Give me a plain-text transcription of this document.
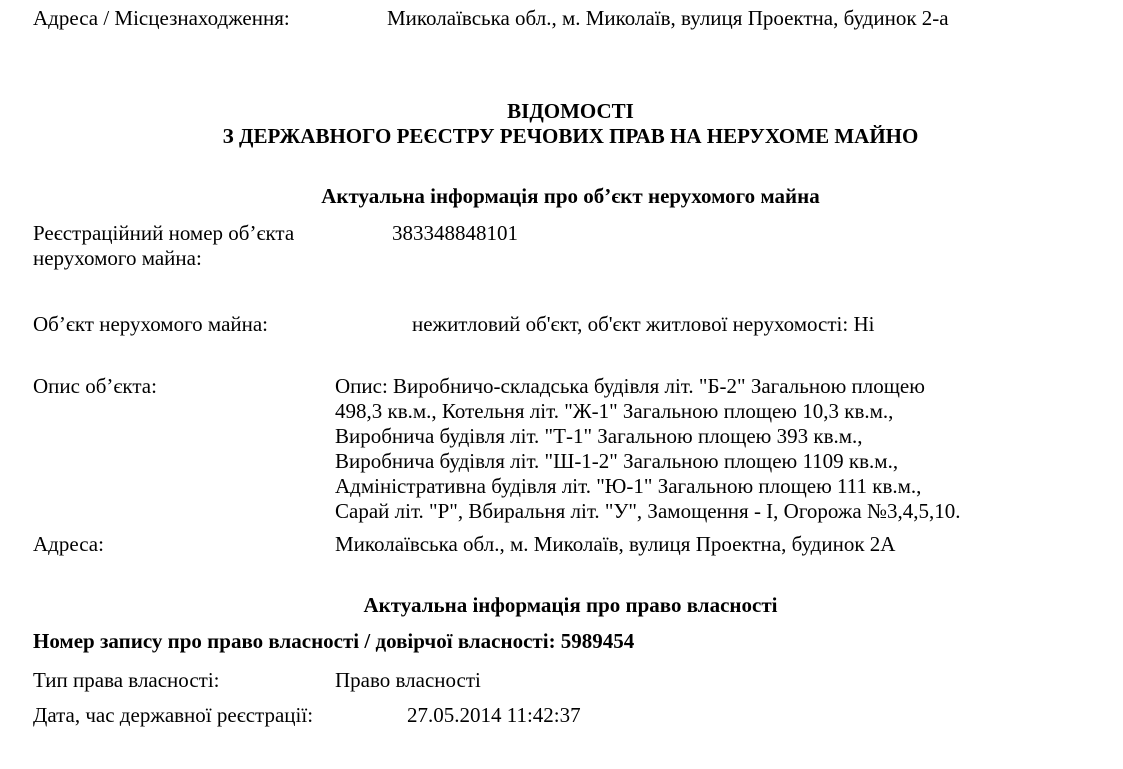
Адреса / Місцезнаходження:	Миколаївська обл., м. Миколаїв, вулиця Проектна, будинок 2-а
ВІДОМОСТІ
З ДЕРЖАВНОГО РЕЄСТРУ РЕЧОВИХ ПРАВ НА НЕРУХОМЕ МАЙНО
Актуальна інформація про об’єкт нерухомого майна
Реєстраційний номер об’єкта нерухомого майна:
383348848101
Об’єкт нерухомого майна:	нежитловий об'єкт, об'єкт житлової нерухомості: Ні
Опис об’єкта:	Опис: Виробничо-складська будівля літ. "Б-2" Загальною площею
498,3 кв.м., Котельня літ. "Ж-1" Загальною площею 10,3 кв.м.,
Виробнича будівля літ. "Т-1" Загальною площею 393 кв.м.,
Виробнича будівля літ. "Ш-1-2" Загальною площею 1109 кв.м.,
Адміністративна будівля літ. "Ю-1" Загальною площею 111 кв.м.,
Сарай літ. "Р", Вбиральня літ. "У", Замощення - І, Огорожа №3,4,5,10.
Адреса:	Миколаївська обл., м. Миколаїв, вулиця Проектна, будинок 2А
Актуальна інформація про право власності
Номер запису про право власності / довірчої власності: 5989454
Тип права власності:	Право власності
Дата, час державної реєстрації:	27.05.2014 11:42:37
